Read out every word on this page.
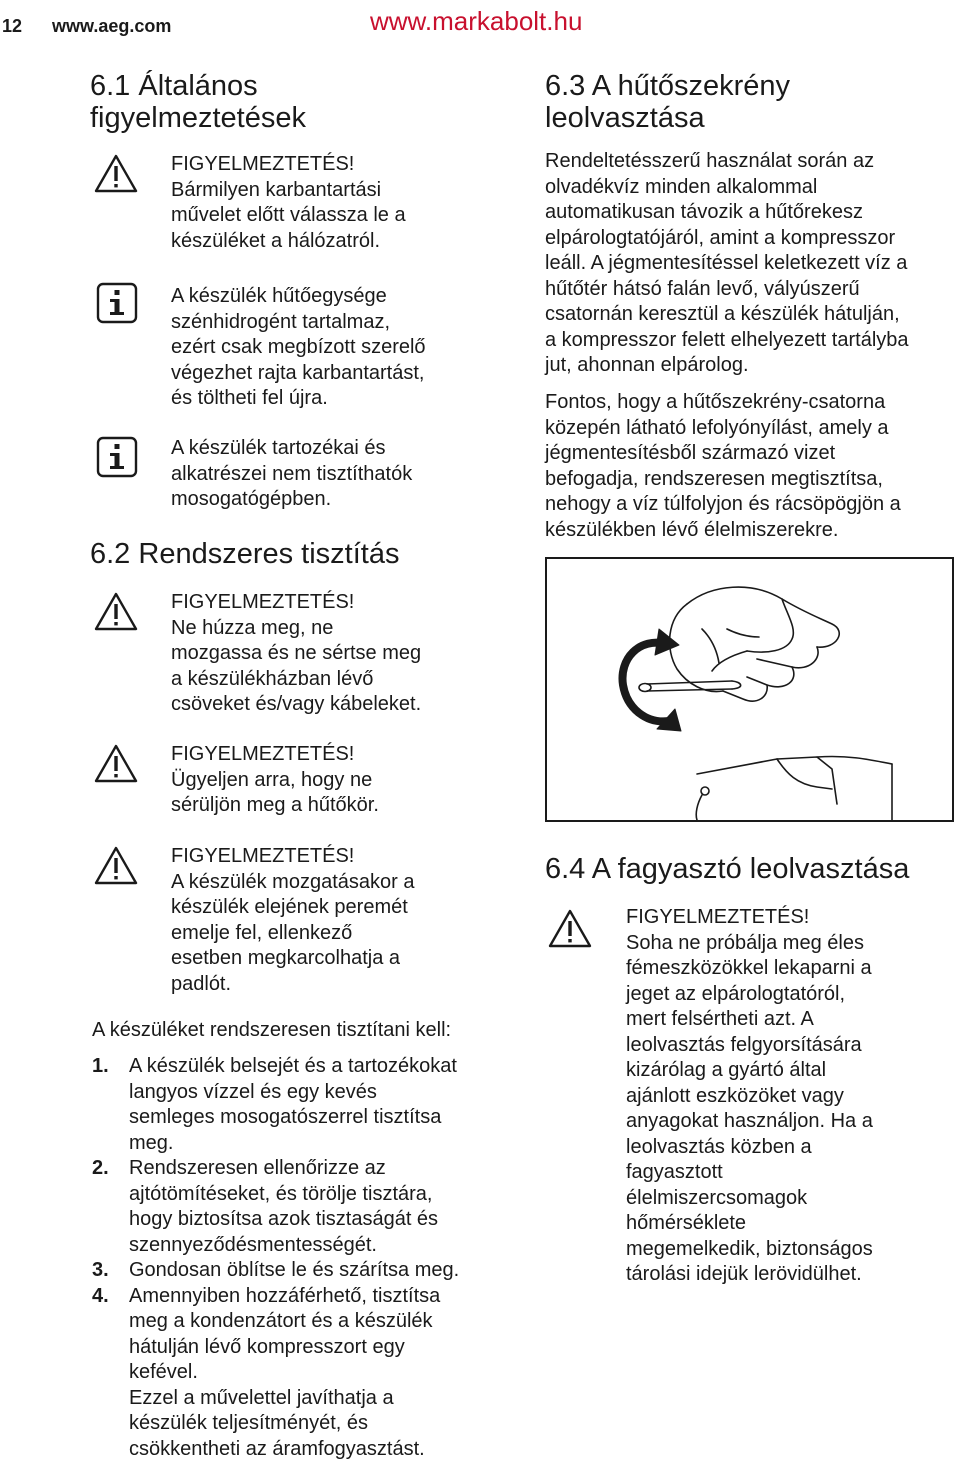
12 www.aeg.com	www.markabolt.hu
6.1 Általános
figyelmeztetések

FIGYELMEZTETÉS!
Bármilyen karbantartási
művelet előtt válassza le a
készüléket a hálózatról.

A készülék hűtőegysége
szénhidrogént tartalmaz,
ezért csak megbízott szerelő
végezhet rajta karbantartást,
és töltheti fel újra.

A készülék tartozékai és
alkatrészei nem tisztíthatók
mosogatógépben.

6.2 Rendszeres tisztítás

FIGYELMEZTETÉS!
Ne húzza meg, ne
mozgassa és ne sértse meg
a készülékházban lévő
csöveket és/vagy kábeleket.

FIGYELMEZTETÉS!
Ügyeljen arra, hogy ne
sérüljön meg a hűtőkör.

FIGYELMEZTETÉS!
A készülék mozgatásakor a
készülék elejének peremét
emelje fel, ellenkező
esetben megkarcolhatja a
padlót.

A készüléket rendszeresen tisztítani kell:

1. A készülék belsejét és a tartozékokat
langyos vízzel és egy kevés
semleges mosogatószerrel tisztítsa
meg.
2. Rendszeresen ellenőrizze az
ajtótömítéseket, és törölje tisztára,
hogy biztosítsa azok tisztaságát és
szennyeződésmentességét.
3. Gondosan öblítse le és szárítsa meg.
4. Amennyiben hozzáférhető, tisztítsa
meg a kondenzátort és a készülék
hátulján lévő kompresszort egy
kefével.
Ezzel a művelettel javíthatja a
készülék teljesítményét, és
csökkentheti az áramfogyasztást.
6.3 A hűtőszekrény
leolvasztása

Rendeltetésszerű használat során az
olvadékvíz minden alkalommal
automatikusan távozik a hűtőrekesz
elpárologtatójáról, amint a kompresszor
leáll. A jégmentesítéssel keletkezett víz a
hűtőtér hátsó falán levő, vályúszerű
csatornán keresztül a készülék hátulján,
a kompresszor felett elhelyezett tartályba
jut, ahonnan elpárolog.

Fontos, hogy a hűtőszekrény-csatorna
közepén látható lefolyónyílást, amely a
jégmentesítésből származó vizet
befogadja, rendszeresen megtisztítsa,
nehogy a víz túlfolyjon és rácsöpögjön a
készülékben lévő élelmiszerekre.

6.4 A fagyasztó leolvasztása

FIGYELMEZTETÉS!
Soha ne próbálja meg éles
fémeszközökkel lekaparni a
jeget az elpárologtatóról,
mert felsértheti azt. A
leolvasztás felgyorsítására
kizárólag a gyártó által
ajánlott eszközöket vagy
anyagokat használjon. Ha a
leolvasztás közben a
fagyasztott
élelmiszercsomagok
hőmérséklete
megemelkedik, biztonságos
tárolási idejük lerövidülhet.
